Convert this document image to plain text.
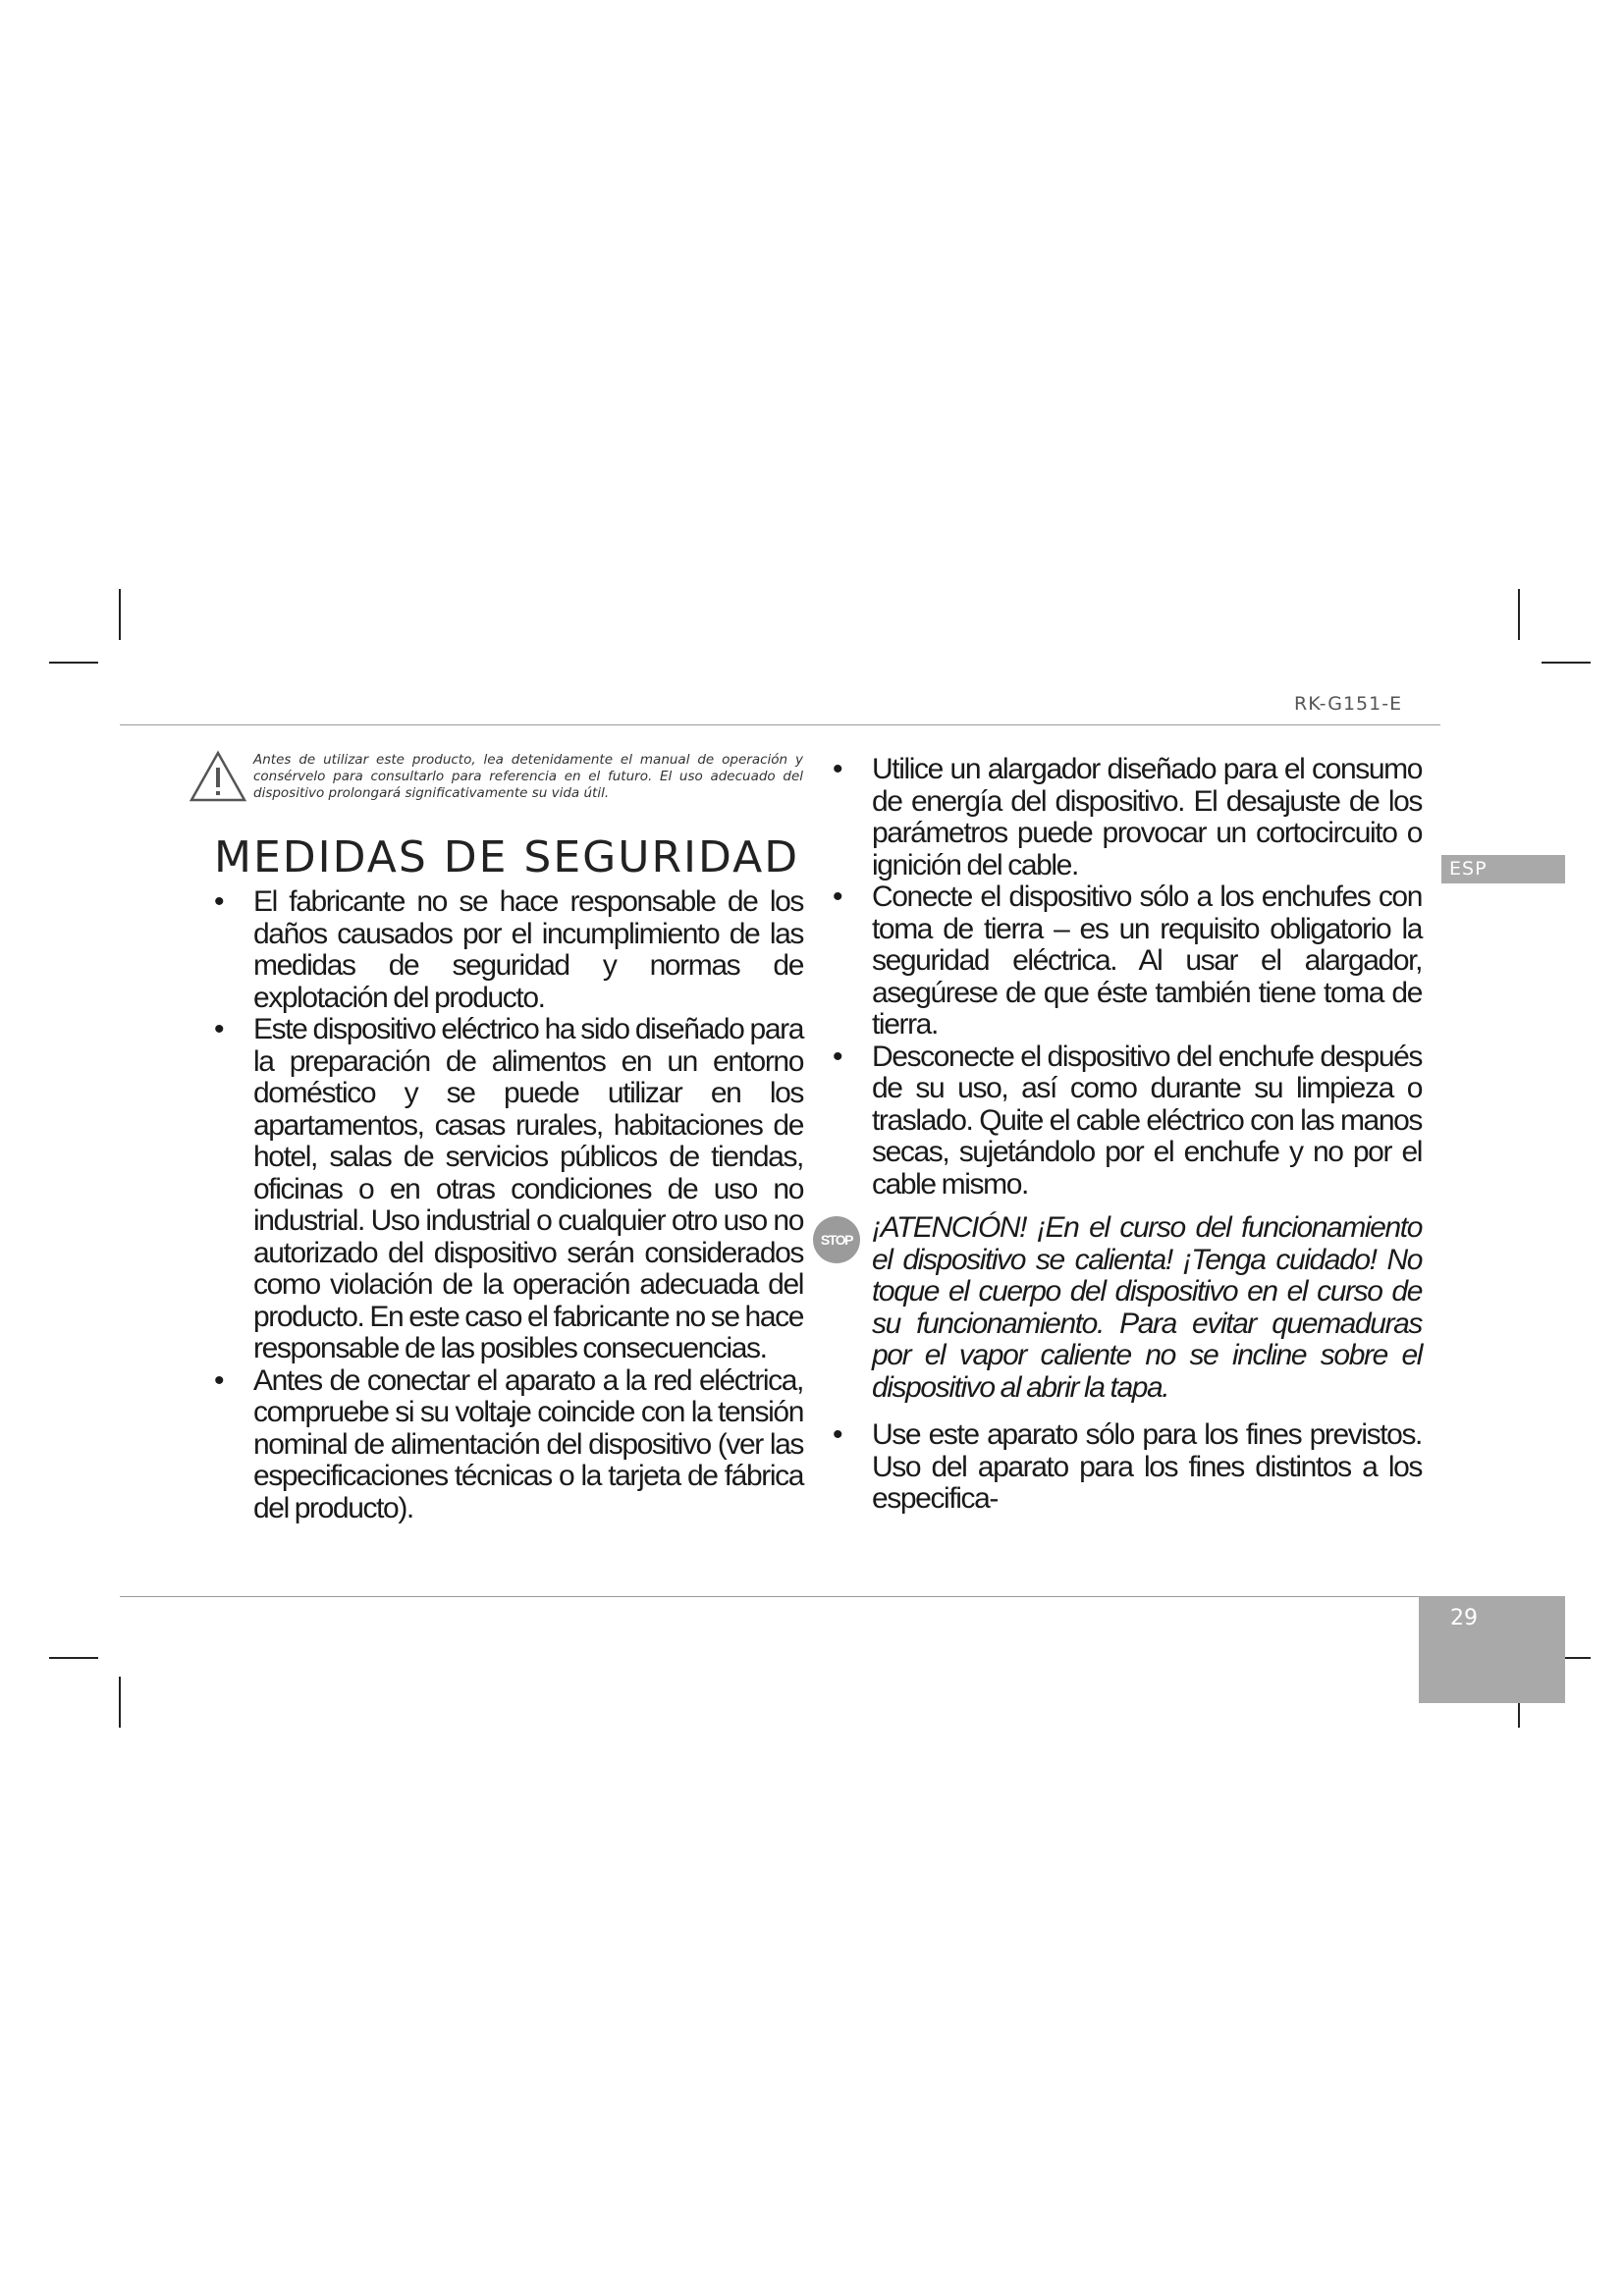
RK-G151-E
ESP
Antes de utilizar este producto, lea detenidamente el manual de operación y consérvelo para consultarlo para referencia en el futuro. El uso adecuado del dispositivo prolongará significativamente su vida útil.
MEDIDAS DE SEGURIDAD
•	El fabricante no se hace responsable de los daños causados por el incumplimiento de las medidas de seguridad y normas de explotación del producto.
•	Este dispositivo eléctrico ha sido diseñado para la preparación de alimentos en un entorno doméstico y se puede utilizar en los apartamentos, casas rurales, habitaciones de hotel, salas de servicios públicos de tiendas, oficinas o en otras condiciones de uso no industrial. Uso industrial o cualquier otro uso no autorizado del dispositivo serán considerados como violación de la operación adecuada del producto. En este caso el fabricante no se hace responsable de las posibles consecuencias.
•	Antes de conectar el aparato a la red eléctrica, compruebe si su voltaje coincide con la tensión nominal de alimentación del dispositivo (ver las especificaciones técnicas o la tarjeta de fábrica del producto).
•	Utilice un alargador diseñado para el consumo de energía del dispositivo. El desajuste de los parámetros puede provocar un cortocircuito o ignición del cable.
•	Conecte el dispositivo sólo a los enchufes con toma de tierra – es un requisito obligatorio la seguridad eléctrica. Al usar el alargador, asegúrese de que éste también tiene toma de tierra.
•	Desconecte el dispositivo del enchufe después de su uso, así como durante su limpieza o traslado. Quite el cable eléctrico con las manos secas, sujetándolo por el enchufe y no por el cable mismo.
STOP ¡ATENCIÓN! ¡En el curso del funcionamiento el dispositivo se calienta! ¡Tenga cuidado! No toque el cuerpo del dispositivo en el curso de su funcionamiento. Para evitar quemaduras por el vapor caliente no se incline sobre el dispositivo al abrir la tapa.
•	Use este aparato sólo para los fines previstos. Uso del aparato para los fines distintos a los especifica-
29
